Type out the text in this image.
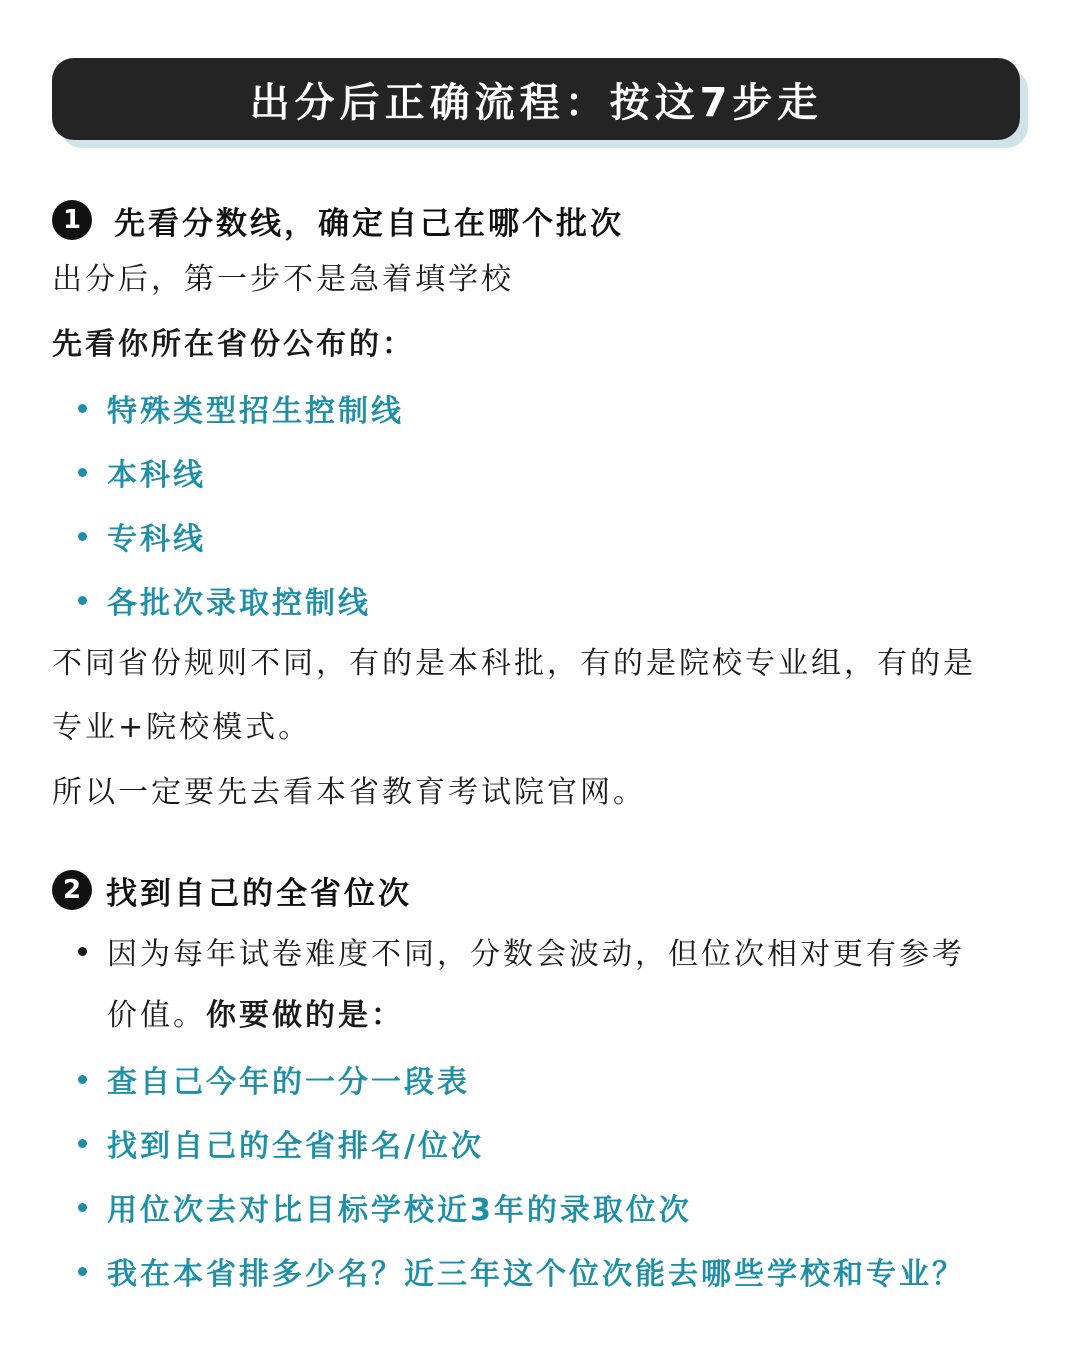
出分后正确流程：按这7步走
1	先看分数线，确定自己在哪个批次
出分后，第一步不是急着填学校
先看你所在省份公布的：
特殊类型招生控制线
本科线
专科线
各批次录取控制线
不同省份规则不同，有的是本科批，有的是院校专业组，有的是
专业+院校模式。
所以一定要先去看本省教育考试院官网。
2 找到自己的全省位次
因为每年试卷难度不同，分数会波动，但位次相对更有参考
价值。你要做的是：
查自己今年的一分一段表
找到自己的全省排名/位次
用位次去对比目标学校近3年的录取位次
我在本省排多少名？近三年这个位次能去哪些学校和专业？
